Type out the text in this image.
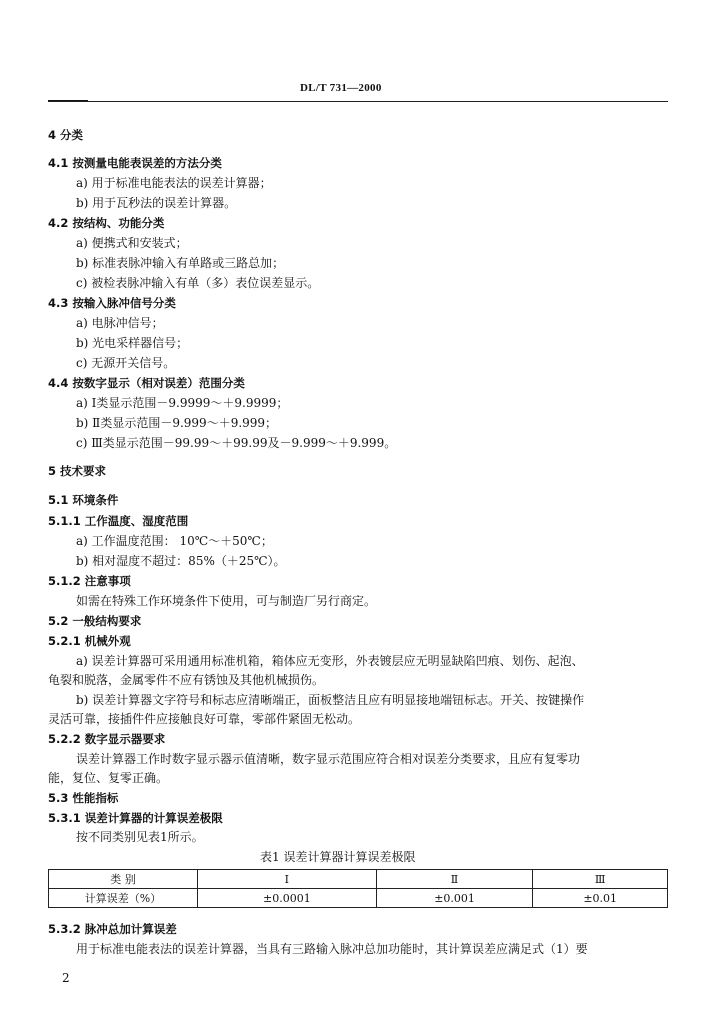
DL/T 731—2000
4 分类
4.1 按测量电能表误差的方法分类
a) 用于标准电能表法的误差计算器；
b) 用于瓦秒法的误差计算器。
4.2 按结构、功能分类
a) 便携式和安装式；
b) 标准表脉冲输入有单路或三路总加；
c) 被检表脉冲输入有单（多）表位误差显示。
4.3 按输入脉冲信号分类
a) 电脉冲信号；
b) 光电采样器信号；
c) 无源开关信号。
4.4 按数字显示（相对误差）范围分类
a) Ⅰ类显示范围－9.9999～＋9.9999；
b) Ⅱ类显示范围－9.999～＋9.999；
c) Ⅲ类显示范围－99.99～＋99.99及－9.999～＋9.999。
5 技术要求
5.1 环境条件
5.1.1 工作温度、湿度范围
a) 工作温度范围： 10℃～＋50℃；
b) 相对湿度不超过：85%（＋25℃）。
5.1.2 注意事项
如需在特殊工作环境条件下使用，可与制造厂另行商定。
5.2 一般结构要求
5.2.1 机械外观
a) 误差计算器可采用通用标准机箱，箱体应无变形，外表镀层应无明显缺陷凹痕、划伤、起泡、
龟裂和脱落，金属零件不应有锈蚀及其他机械损伤。
b) 误差计算器文字符号和标志应清晰端正，面板整洁且应有明显接地端钮标志。开关、按键操作
灵活可靠，接插件件应接触良好可靠，零部件紧固无松动。
5.2.2 数字显示器要求
误差计算器工作时数字显示器示值清晰，数字显示范围应符合相对误差分类要求，且应有复零功
能，复位、复零正确。
5.3 性能指标
5.3.1 误差计算器的计算误差极限
按不同类别见表1所示。
表1 误差计算器计算误差极限
类 别	Ⅰ	Ⅱ	Ⅲ
计算误差（%）	±0.0001	±0.001	±0.01
5.3.2 脉冲总加计算误差
用于标准电能表法的误差计算器，当具有三路输入脉冲总加功能时，其计算误差应满足式（1）要
2
